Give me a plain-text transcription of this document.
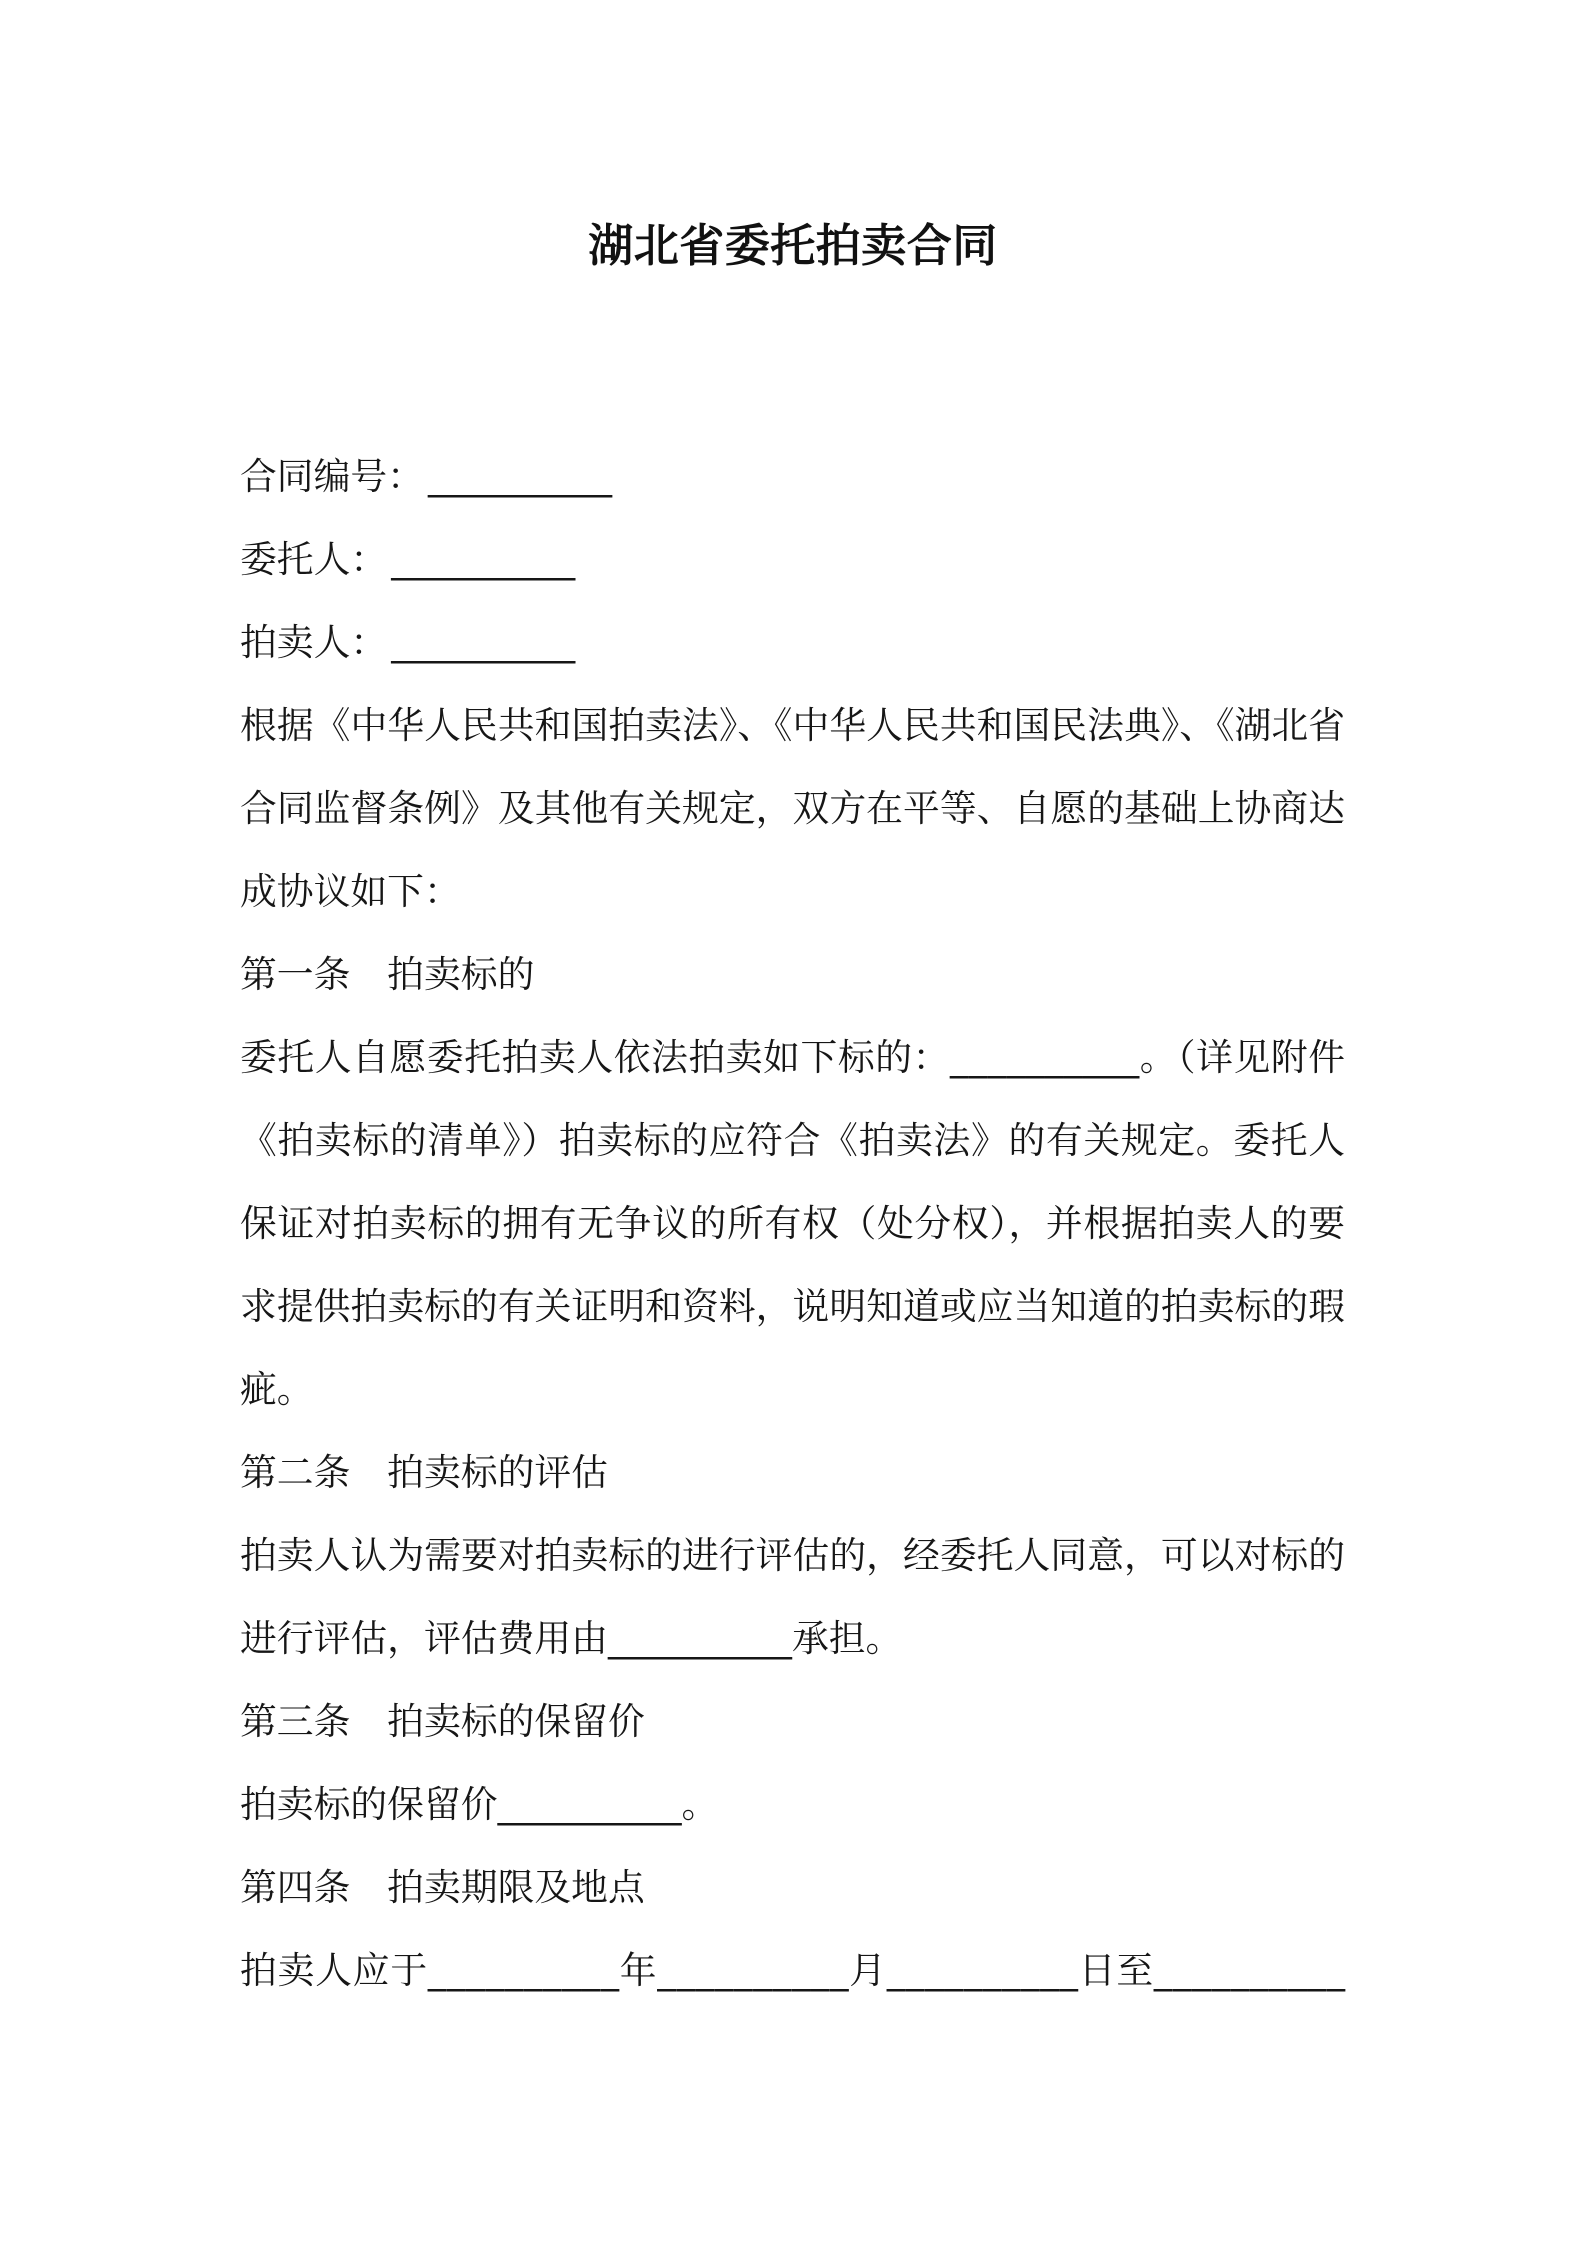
湖北省委托拍卖合同
合同编号： __________
委托人： __________
拍卖人： __________
根据《中华人民共和国拍卖法》、《中华人民共和国民法典》、《湖北省
合同监督条例》及其他有关规定，双方在平等、自愿的基础上协商达
成协议如下：
第一条　拍卖标的
委托人自愿委托拍卖人依法拍卖如下标的：__________。（详见附件
《拍卖标的清单》）拍卖标的应符合《拍卖法》的有关规定。委托人
保证对拍卖标的拥有无争议的所有权（处分权），并根据拍卖人的要
求提供拍卖标的有关证明和资料，说明知道或应当知道的拍卖标的瑕
疵。
第二条　拍卖标的评估
拍卖人认为需要对拍卖标的进行评估的，经委托人同意，可以对标的
进行评估，评估费用由__________承担。
第三条　拍卖标的保留价
拍卖标的保留价__________。
第四条　拍卖期限及地点
拍卖人应于__________年__________月__________日至__________
